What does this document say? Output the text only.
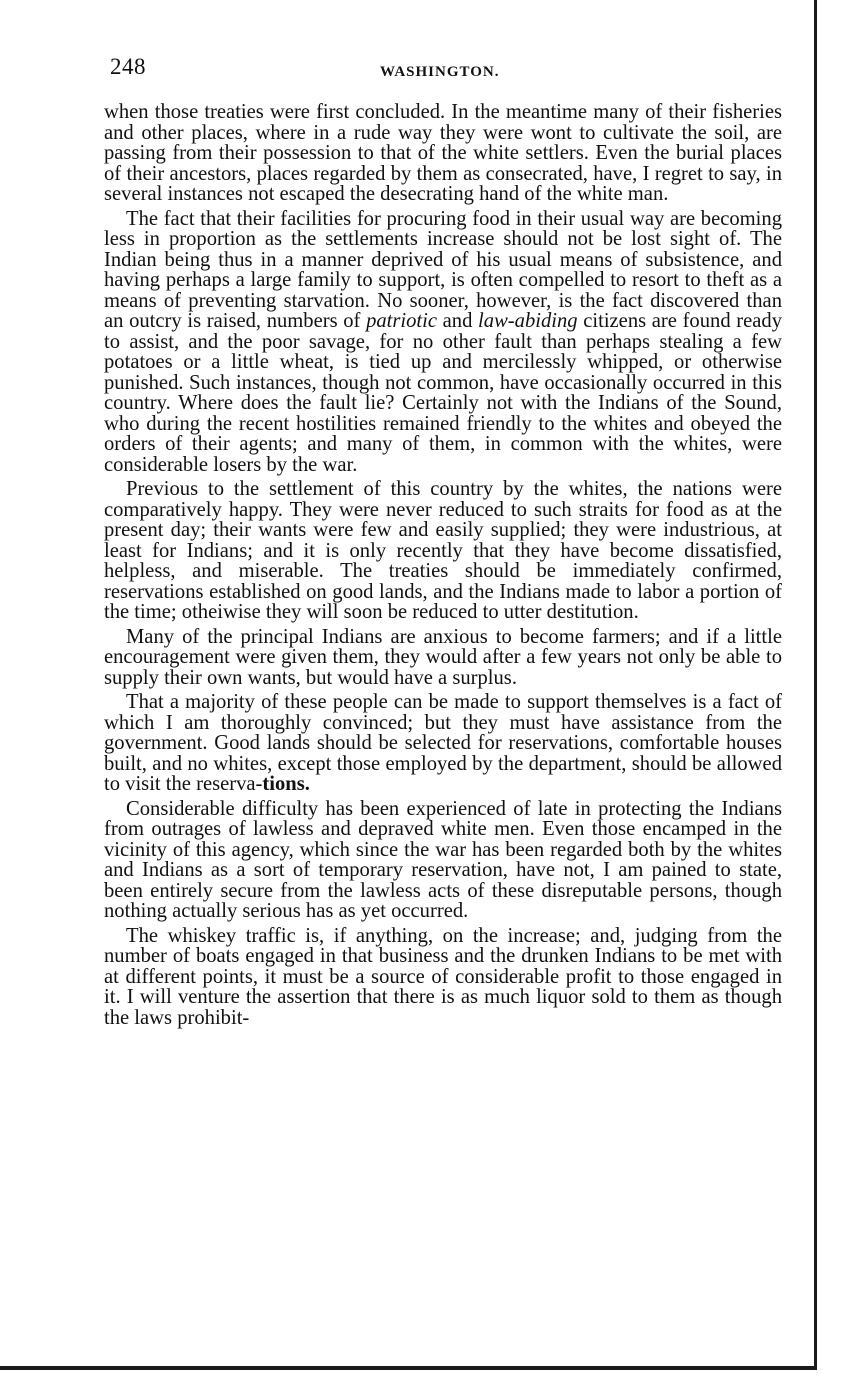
248	WASHINGTON.

when those treaties were first concluded. In the meantime many of their fisheries and other places, where in a rude way they were wont to cultivate the soil, are passing from their possession to that of the white settlers. Even the burial places of their ancestors, places regarded by them as consecrated, have, I regret to say, in several instances not escaped the desecrating hand of the white man.

The fact that their facilities for procuring food in their usual way are becoming less in proportion as the settlements increase should not be lost sight of. The Indian being thus in a manner deprived of his usual means of subsistence, and having perhaps a large family to support, is often compelled to resort to theft as a means of preventing starvation. No sooner, however, is the fact discovered than an outcry is raised, numbers of patriotic and law-abiding citizens are found ready to assist, and the poor savage, for no other fault than perhaps stealing a few potatoes or a little wheat, is tied up and mercilessly whipped, or otherwise punished. Such instances, though not common, have occasionally occurred in this country. Where does the fault lie? Certainly not with the Indians of the Sound, who during the recent hostilities remained friendly to the whites and obeyed the orders of their agents; and many of them, in common with the whites, were considerable losers by the war.

Previous to the settlement of this country by the whites, the nations were comparatively happy. They were never reduced to such straits for food as at the present day; their wants were few and easily supplied; they were industrious, at least for Indians; and it is only recently that they have become dissatisfied, helpless, and miserable. The treaties should be immediately confirmed, reservations established on good lands, and the Indians made to labor a portion of the time; otheiwise they will soon be reduced to utter destitution.

Many of the principal Indians are anxious to become farmers; and if a little encouragement were given them, they would after a few years not only be able to supply their own wants, but would have a surplus.

That a majority of these people can be made to support themselves is a fact of which I am thoroughly convinced; but they must have assistance from the government. Good lands should be selected for reservations, comfortable houses built, and no whites, except those employed by the department, should be allowed to visit the reserva-tions.

Considerable difficulty has been experienced of late in protecting the Indians from outrages of lawless and depraved white men. Even those encamped in the vicinity of this agency, which since the war has been regarded both by the whites and Indians as a sort of temporary reservation, have not, I am pained to state, been entirely secure from the lawless acts of these disreputable persons, though nothing actually serious has as yet occurred.

The whiskey traffic is, if anything, on the increase; and, judging from the number of boats engaged in that business and the drunken Indians to be met with at different points, it must be a source of considerable profit to those engaged in it. I will venture the assertion that there is as much liquor sold to them as though the laws prohibit-
